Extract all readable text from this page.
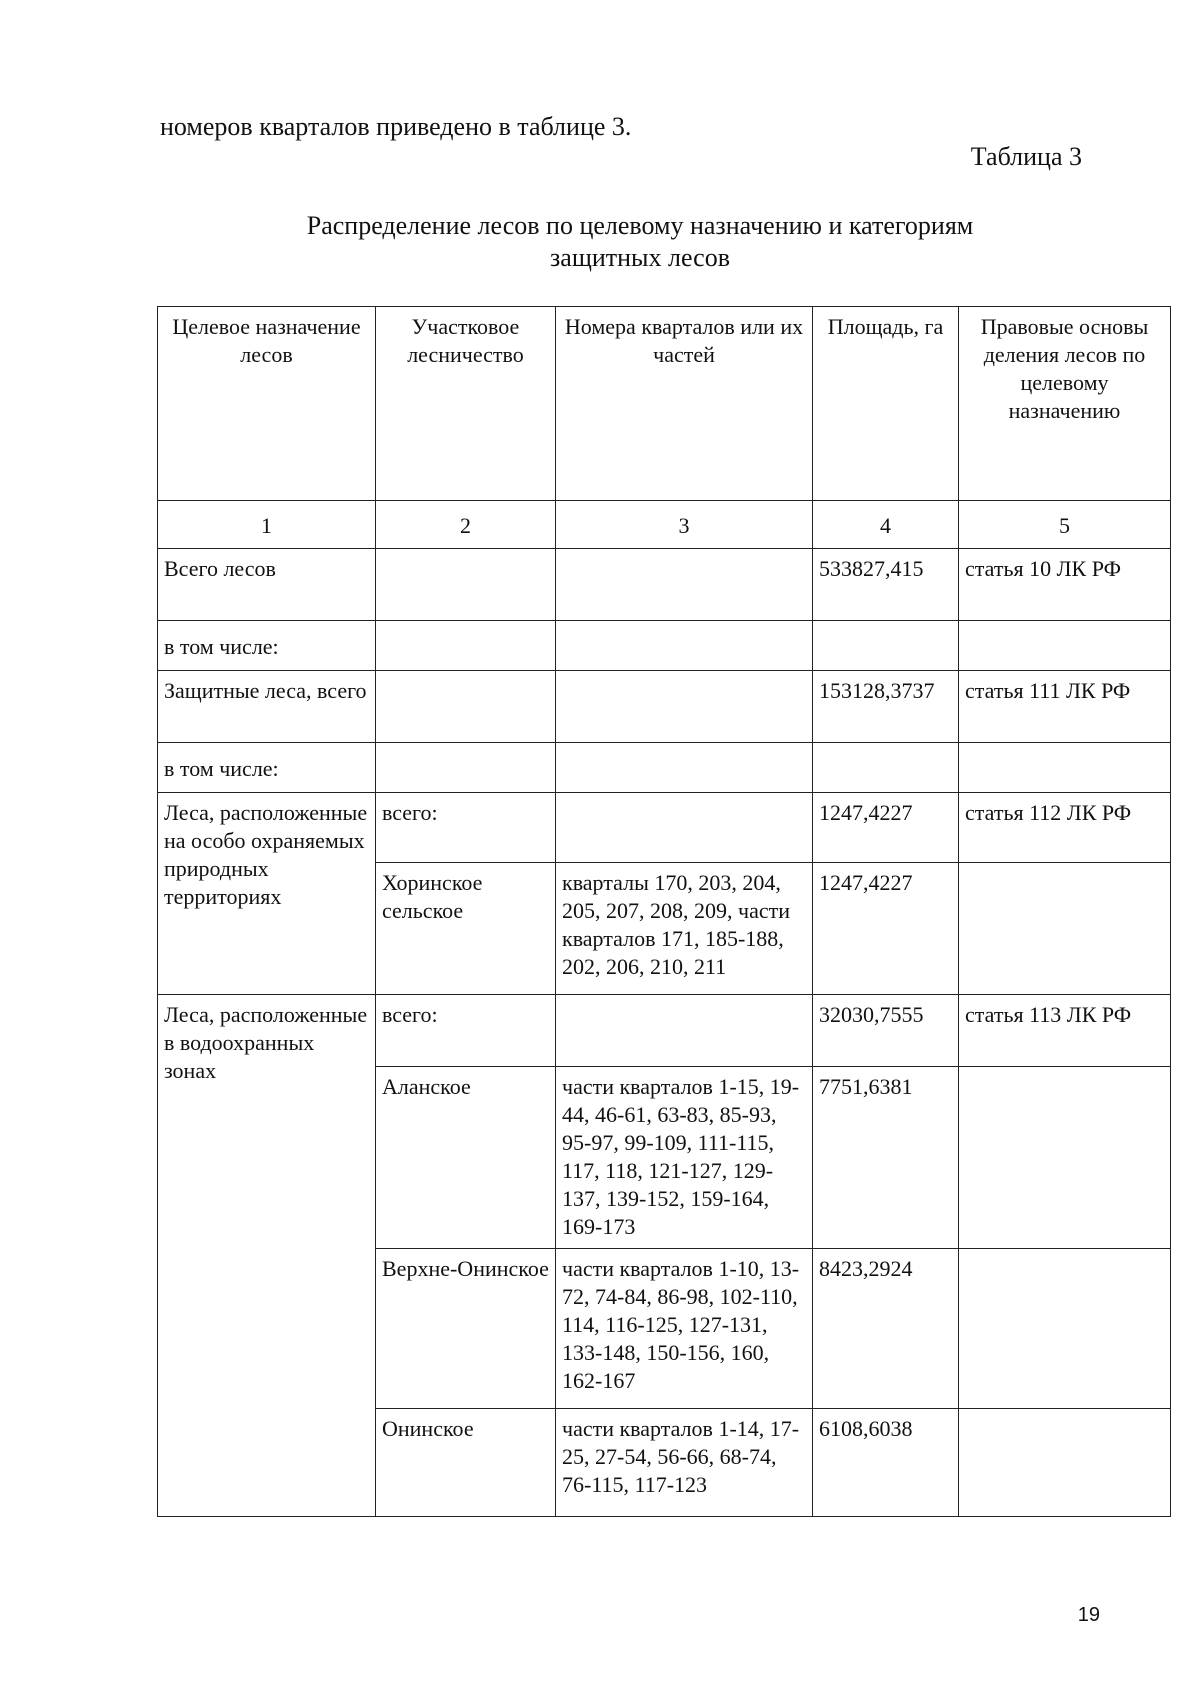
номеров кварталов приведено в таблице 3.
Таблица 3
Распределение лесов по целевому назначению и категориям
защитных лесов
Целевое назначение лесов	Участковое лесничество	Номера кварталов или их частей	Площадь, га	Правовые основы деления лесов по целевому назначению
1	2	3	4	5
Всего лесов			533827,415	статья 10 ЛК РФ
в том числе:				
Защитные леса, всего			153128,3737	статья 111 ЛК РФ
в том числе:				
Леса, расположенные на особо охраняемых природных территориях	всего:		1247,4227	статья 112 ЛК РФ
	Хоринское сельское	кварталы 170, 203, 204, 205, 207, 208, 209, части кварталов 171, 185-188, 202, 206, 210, 211	1247,4227	
Леса, расположенные в водоохранных зонах	всего:		32030,7555	статья 113 ЛК РФ
	Аланское	части кварталов 1-15, 19-44, 46-61, 63-83, 85-93, 95-97, 99-109, 111-115, 117, 118, 121-127, 129-137, 139-152, 159-164, 169-173	7751,6381	
	Верхне-Онинское	части кварталов 1-10, 13-72, 74-84, 86-98, 102-110, 114, 116-125, 127-131, 133-148, 150-156, 160, 162-167	8423,2924	
	Онинское	части кварталов 1-14, 17-25, 27-54, 56-66, 68-74, 76-115, 117-123	6108,6038	
19
